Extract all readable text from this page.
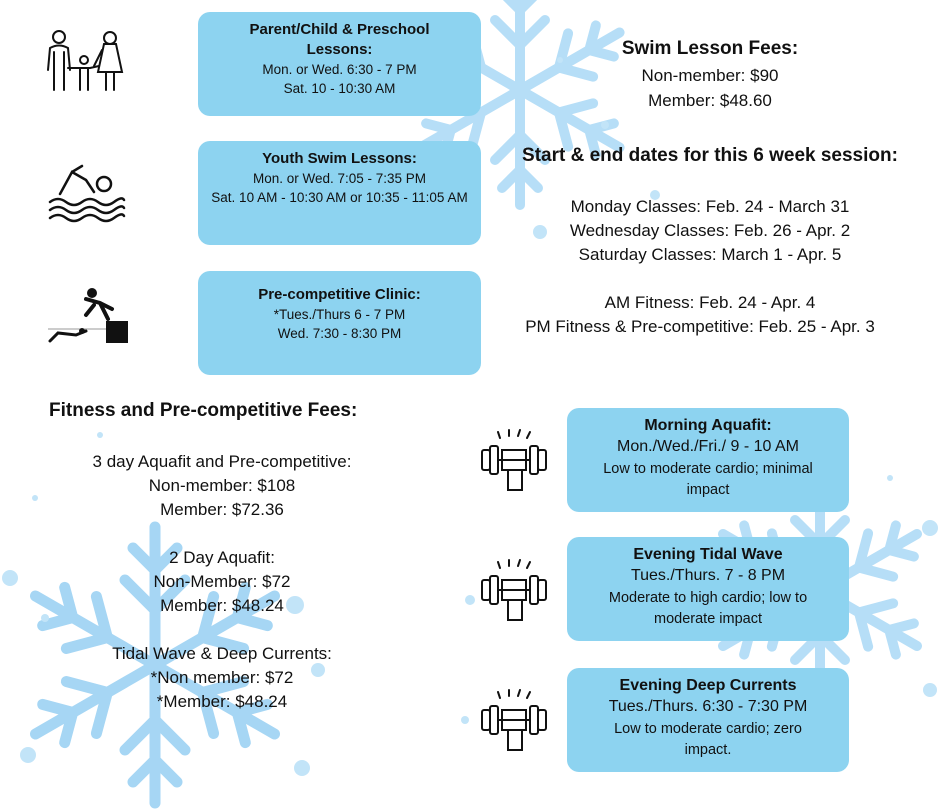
Parent/Child & Preschool Lessons:
Mon. or Wed. 6:30 - 7 PM
Sat. 10 - 10:30 AM
Youth Swim Lessons:
Mon. or Wed. 7:05 - 7:35 PM
Sat. 10 AM - 10:30 AM or 10:35 - 11:05 AM
Pre-competitive Clinic:
*Tues./Thurs 6 - 7 PM
Wed. 7:30 - 8:30 PM
Swim Lesson Fees:
Non-member: $90
Member: $48.60
Start & end dates for this 6 week session:
Monday Classes: Feb. 24 - March 31
Wednesday Classes: Feb. 26 - Apr. 2
Saturday Classes: March 1 - Apr. 5
AM Fitness: Feb. 24 - Apr. 4
PM Fitness & Pre-competitive: Feb. 25 - Apr. 3
Fitness and Pre-competitive Fees:
3 day Aquafit and Pre-competitive:
Non-member: $108
Member: $72.36
2 Day Aquafit:
Non-Member: $72
Member: $48.24
Tidal Wave & Deep Currents:
*Non member: $72
*Member: $48.24
Morning Aquafit:
Mon./Wed./Fri./ 9 - 10 AM
Low to moderate cardio; minimal
impact
Evening Tidal Wave
Tues./Thurs. 7 - 8 PM
Moderate to high cardio; low to
moderate impact
Evening Deep Currents
Tues./Thurs. 6:30 - 7:30 PM
Low to moderate cardio; zero
impact.
